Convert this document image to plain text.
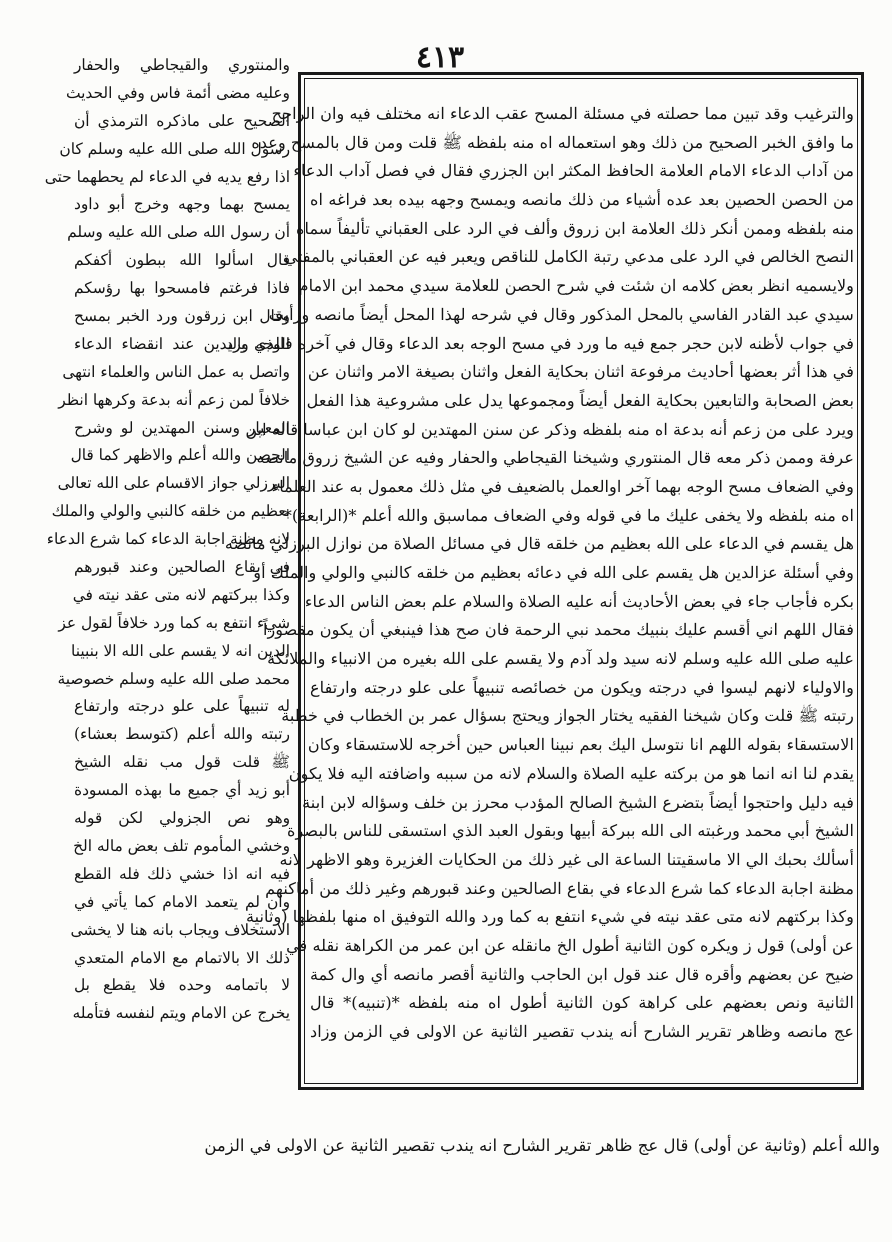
٤١٣
والترغيب وقد تبين مما حصلته في مسئلة المسح عقب الدعاء انه مختلف فيه وان الراجح
ما وافق الخبر الصحيح من ذلك وهو استعماله اه منه بلفظه ﷺ قلت ومن قال بالمسح وعده
من آداب الدعاء الامام العلامة الحافظ المكثر ابن الجزري فقال في فصل آداب الدعاء
من الحصن الحصين بعد عده أشياء من ذلك مانصه ويمسح وجهه بيده بعد فراغه اه
منه بلفظه وممن أنكر ذلك العلامة ابن زروق وألف في الرد على العقباني تأليفاً سماه
النصح الخالص في الرد على مدعي رتبة الكامل للناقص ويعبر فيه عن العقباني بالمفتي
ولايسميه انظر بعض كلامه ان شئت في شرح الحصن للعلامة سيدي محمد ابن الامام
سيدي عبد القادر الفاسي بالمحل المذكور وقال في شرحه لهذا المحل أيضاً مانصه ورأيت
في جواب لأظنه لابن حجر جمع فيه ما ورد في مسح الوجه بعد الدعاء وقال في آخره فالذي ورد
في هذا أثر بعضها أحاديث مرفوعة اثنان بحكاية الفعل واثنان بصيغة الامر واثنان عن
بعض الصحابة والتابعين بحكاية الفعل أيضاً ومجموعها يدل على مشروعية هذا الفعل
ويرد على من زعم أنه بدعة اه منه بلفظه وذكر عن سنن المهتدين لو كان ابن عباسا قاله ابن
عرفة وممن ذكر معه قال المنتوري وشيخنا القيجاطي والحفار وفيه عن الشيخ زروق مانصه
وفي الضعاف مسح الوجه بهما آخر اوالعمل بالضعيف في مثل ذلك معمول به عند العلماء
اه منه بلفظه ولا يخفى عليك ما في قوله وفي الضعاف مماسبق والله أعلم *(الرابعة)*
هل يقسم في الدعاء على الله بعظيم من خلقه قال في مسائل الصلاة من نوازل البرزلي مانصه
وفي أسئلة عزالدين هل يقسم على الله في دعائه بعظيم من خلقه كالنبي والولي والملك أو
بكره فأجاب جاء في بعض الأحاديث أنه عليه الصلاة والسلام علم بعض الناس الدعاء
فقال اللهم اني أقسم عليك بنبيك محمد نبي الرحمة فان صح هذا فينبغي أن يكون مقصوراً
عليه صلى الله عليه وسلم لانه سيد ولد آدم ولا يقسم على الله بغيره من الانبياء والملائكة
والاولياء لانهم ليسوا في درجته ويكون من خصائصه تنبيهاً على علو درجته وارتفاع
رتبته ﷺ قلت وكان شيخنا الفقيه يختار الجواز ويحتج بسؤال عمر بن الخطاب في خطبة
الاستسقاء بقوله اللهم انا نتوسل اليك بعم نبينا العباس حين أخرجه للاستسقاء وكان
يقدم لنا انه انما هو من بركته عليه الصلاة والسلام لانه من سببه واضافته اليه فلا يكون
فيه دليل واحتجوا أيضاً بتضرع الشيخ الصالح المؤدب محرز بن خلف وسؤاله لابن ابنة
الشيخ أبي محمد ورغبته الى الله ببركة أبيها وبقول العبد الذي استسقى للناس بالبصرة
أسألك بحبك الي الا ماسقيتنا الساعة الى غير ذلك من الحكايات الغزيرة وهو الاظهر لانه
مظنة اجابة الدعاء كما شرع الدعاء في بقاع الصالحين وعند قبورهم وغير ذلك من أماكنهم
وكذا بركتهم لانه متى عقد نيته في شيء انتفع به كما ورد والله التوفيق اه منها بلفظها (وثانية
عن أولى) قول ز ويكره كون الثانية أطول الخ مانقله عن ابن عمر من الكراهة نقله في
ضيح عن بعضهم وأقره قال عند قول ابن الحاجب والثانية أقصر مانصه أي وال كمة
الثانية ونص بعضهم على كراهة كون الثانية أطول اه منه بلفظه *(تنبيه)* قال
عج مانصه وظاهر تقرير الشارح أنه يندب تقصير الثانية عن الاولى في الزمن وزاد
والمنتوري والقيجاطي والحفار
وعليه مضى أئمة فاس وفي الحديث
الصحيح على ماذكره الترمذي أن
رسول الله صلى الله عليه وسلم كان
اذا رفع يديه في الدعاء لم يحطهما حتى
يمسح بهما وجهه وخرج أبو داود
أن رسول الله صلى الله عليه وسلم
قال اسألوا الله ببطون أكفكم
فاذا فرغتم فامسحوا بها رؤسكم
وقال ابن زرقون ورد الخبر بمسح
الوجه باليدين عند انقضاء الدعاء
واتصل به عمل الناس والعلماء انتهى
خلافاً لمن زعم أنه بدعة وكرهها انظر
المعيار وسنن المهتدين لو وشرح
الحصن والله أعلم والاظهر كما قال
البرزلي جواز الاقسام على الله تعالى
بعظيم من خلقه كالنبي والولي والملك
لانه مظنة اجابة الدعاء كما شرع الدعاء
في بقاع الصالحين وعند قبورهم
وكذا ببركتهم لانه متى عقد نيته في
شيء انتفع به كما ورد خلافاً لقول عز
الدين انه لا يقسم على الله الا بنبينا
محمد صلى الله عليه وسلم خصوصية
له تنبيهاً على علو درجته وارتفاع
رتبته والله أعلم (كتوسط بعشاء)
ﷺ قلت قول مب نقله الشيخ
أبو زيد أي جميع ما بهذه المسودة
وهو نص الجزولي لكن قوله
وخشي المأموم تلف بعض ماله الخ
فيه انه اذا خشي ذلك فله القطع
وان لم يتعمد الامام كما يأتي في
الاستخلاف ويجاب بانه هنا لا يخشى
ذلك الا بالاتمام مع الامام المتعدي
لا باتمامه وحده فلا يقطع بل
يخرج عن الامام ويتم لنفسه فتأمله
والله أعلم (وثانية عن أولى) قال عج ظاهر تقرير الشارح انه يندب تقصير الثانية عن الاولى في الزمن
